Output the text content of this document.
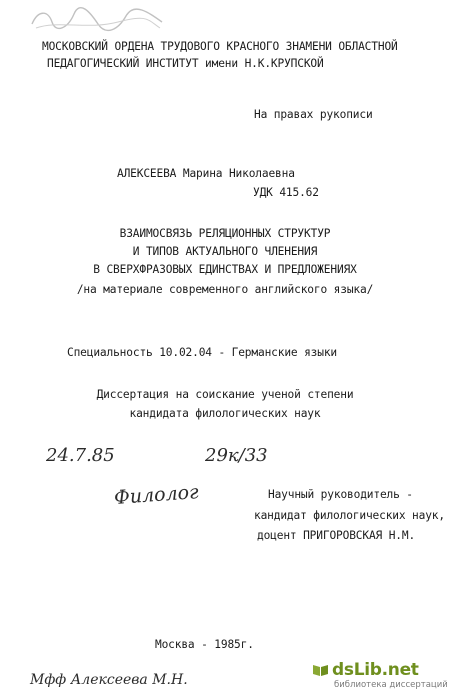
МОСКОВСКИЙ ОРДЕНА ТРУДОВОГО КРАСНОГО ЗНАМЕНИ ОБЛАСТНОЙ
ПЕДАГОГИЧЕСКИЙ ИНСТИТУТ имени Н.К.КРУПСКОЙ
На правах рукописи
АЛЕКСЕЕВА Марина Николаевна
УДК 415.62
ВЗАИМОСВЯЗЬ РЕЛЯЦИОННЫХ СТРУКТУР
И ТИПОВ АКТУАЛЬНОГО ЧЛЕНЕНИЯ
В СВЕРХФРАЗОВЫХ ЕДИНСТВАХ И ПРЕДЛОЖЕНИЯХ
/на материале современного английского языка/
Специальность 10.02.04 - Германские языки
Диссертация на соискание ученой степени
кандидата филологических наук
24.7.85	29к/33
Филолог	Научный руководитель -
кандидат филологических наук,
доцент ПРИГОРОВСКАЯ Н.М.
Москва - 1985г.
Мфф Алексеева М.Н.	dsLib.net
библиотека диссертаций
